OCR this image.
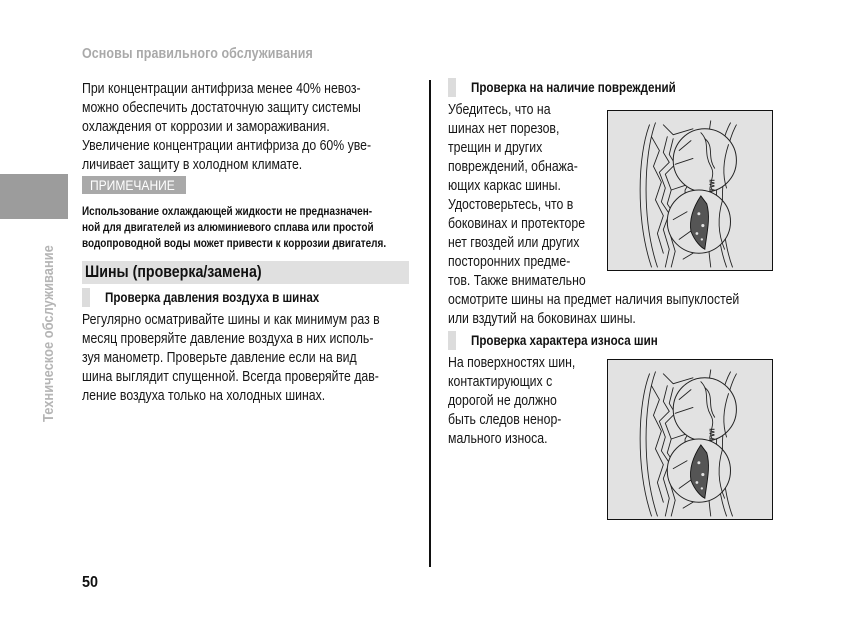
Основы правильного обслуживания
Техническое обслуживание
При концентрации антифриза менее 40% невоз-
можно обеспечить достаточную защиту системы
охлаждения от коррозии и замораживания.
Увеличение концентрации антифриза до 60% уве-
личивает защиту в холодном климате.
ПРИМЕЧАНИЕ
Использование охлаждающей жидкости не предназначен-
ной для двигателей из алюминиевого сплава или простой
водопроводной воды может привести к коррозии двигателя.
Шины (проверка/замена)
Проверка давления воздуха в шинах
Регулярно осматривайте шины и как минимум раз в
месяц проверяйте давление воздуха в них исполь-
зуя манометр. Проверьте давление если на вид
шина выглядит спущенной. Всегда проверяйте дав-
ление воздуха только на холодных шинах.
Проверка на наличие повреждений
Убедитесь, что на
шинах нет порезов,
трещин и других
повреждений, обнажа-
ющих каркас шины.
Удостоверьтесь, что в
боковинах и протекторе
нет гвоздей или других
посторонних предме-
тов. Также внимательно
осмотрите шины на предмет наличия выпуклостей
или вздутий на боковинах шины.
TWI
Проверка характера износа шин
На поверхностях шин,
контактирующих с
дорогой не должно
быть следов ненор-
мального износа.	TWI
50
